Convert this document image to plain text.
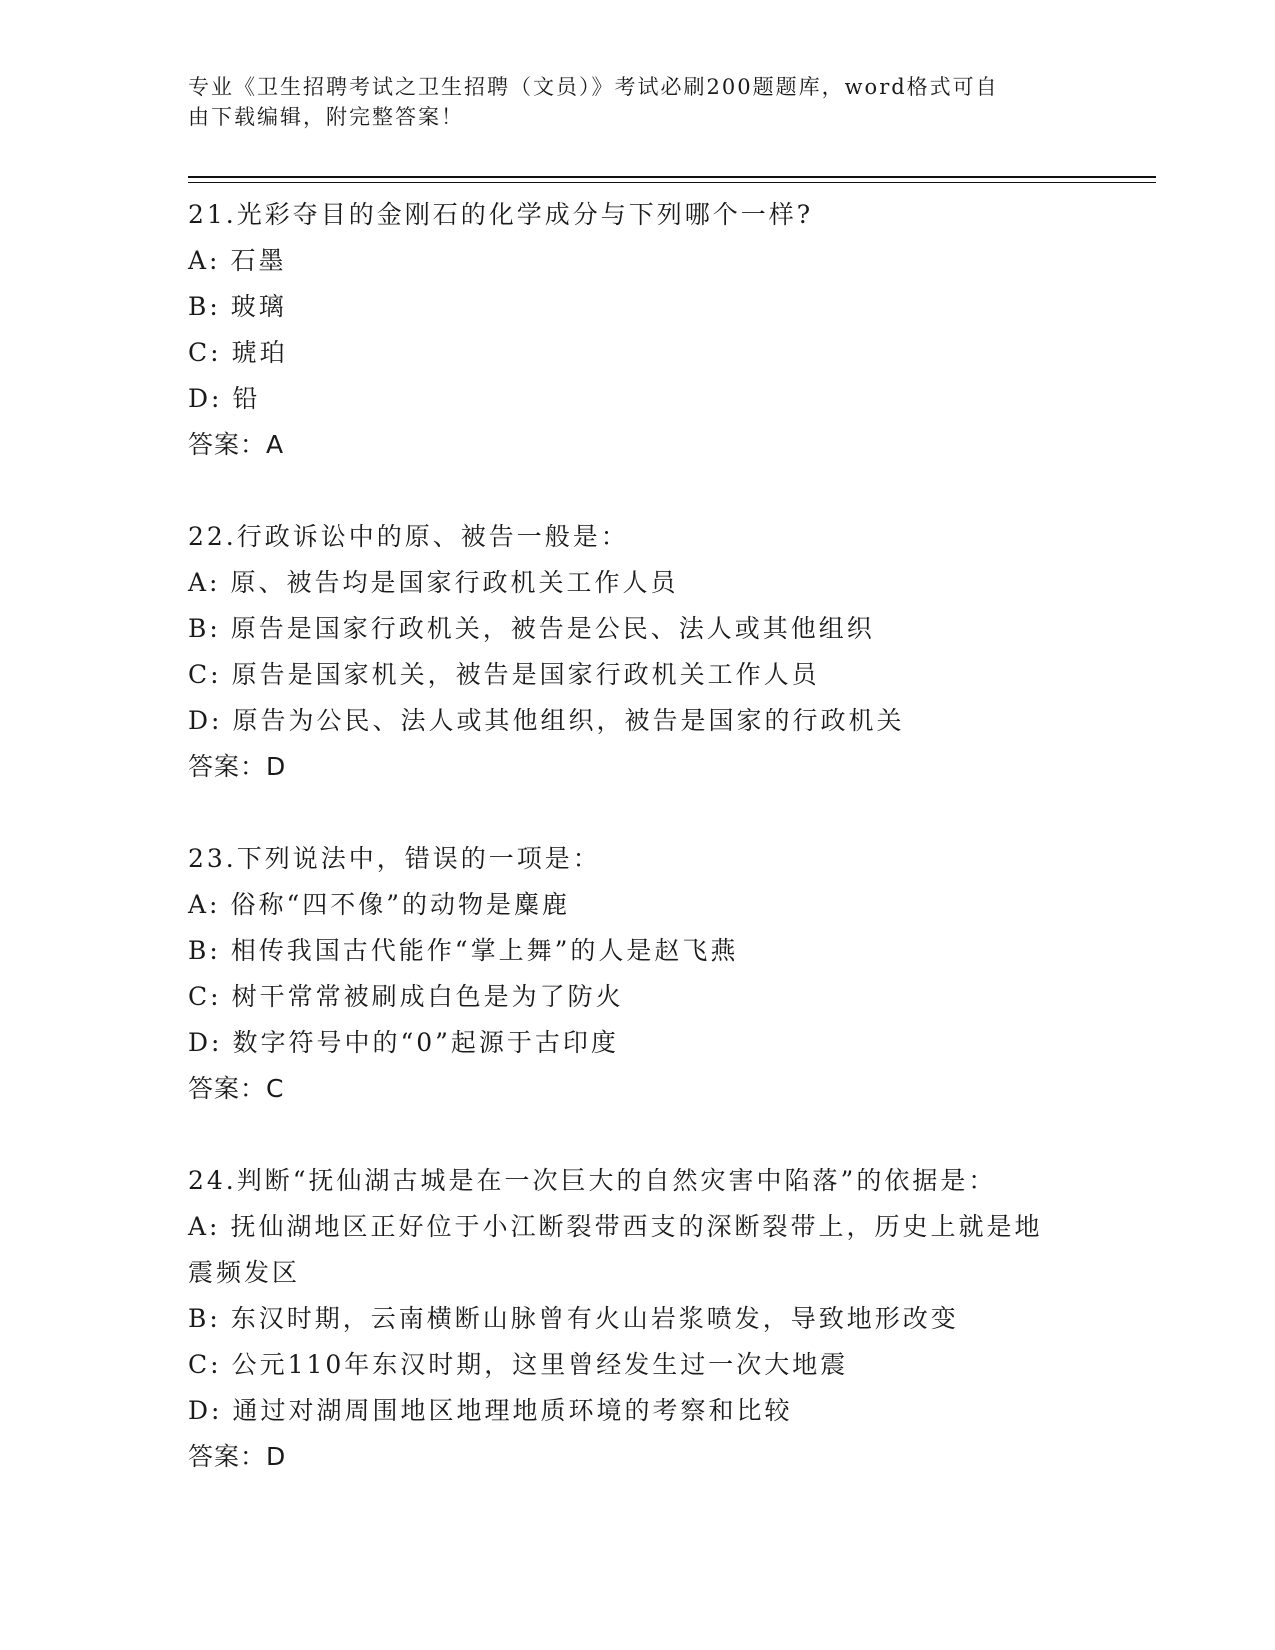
专业《卫生招聘考试之卫生招聘（文员）》考试必刷200题题库，word格式可自
由下载编辑，附完整答案！
21.光彩夺目的金刚石的化学成分与下列哪个一样?
A: 石墨
B: 玻璃
C: 琥珀
D: 铅
答案：A
22.行政诉讼中的原、被告一般是：
A: 原、被告均是国家行政机关工作人员
B: 原告是国家行政机关，被告是公民、法人或其他组织
C: 原告是国家机关，被告是国家行政机关工作人员
D: 原告为公民、法人或其他组织，被告是国家的行政机关
答案：D
23.下列说法中，错误的一项是：
A: 俗称“四不像”的动物是麋鹿
B: 相传我国古代能作“掌上舞”的人是赵飞燕
C: 树干常常被刷成白色是为了防火
D: 数字符号中的“0”起源于古印度
答案：C
24.判断“抚仙湖古城是在一次巨大的自然灾害中陷落”的依据是：
A: 抚仙湖地区正好位于小江断裂带西支的深断裂带上，历史上就是地震频发区
B: 东汉时期，云南横断山脉曾有火山岩浆喷发，导致地形改变
C: 公元110年东汉时期，这里曾经发生过一次大地震
D: 通过对湖周围地区地理地质环境的考察和比较
答案：D
